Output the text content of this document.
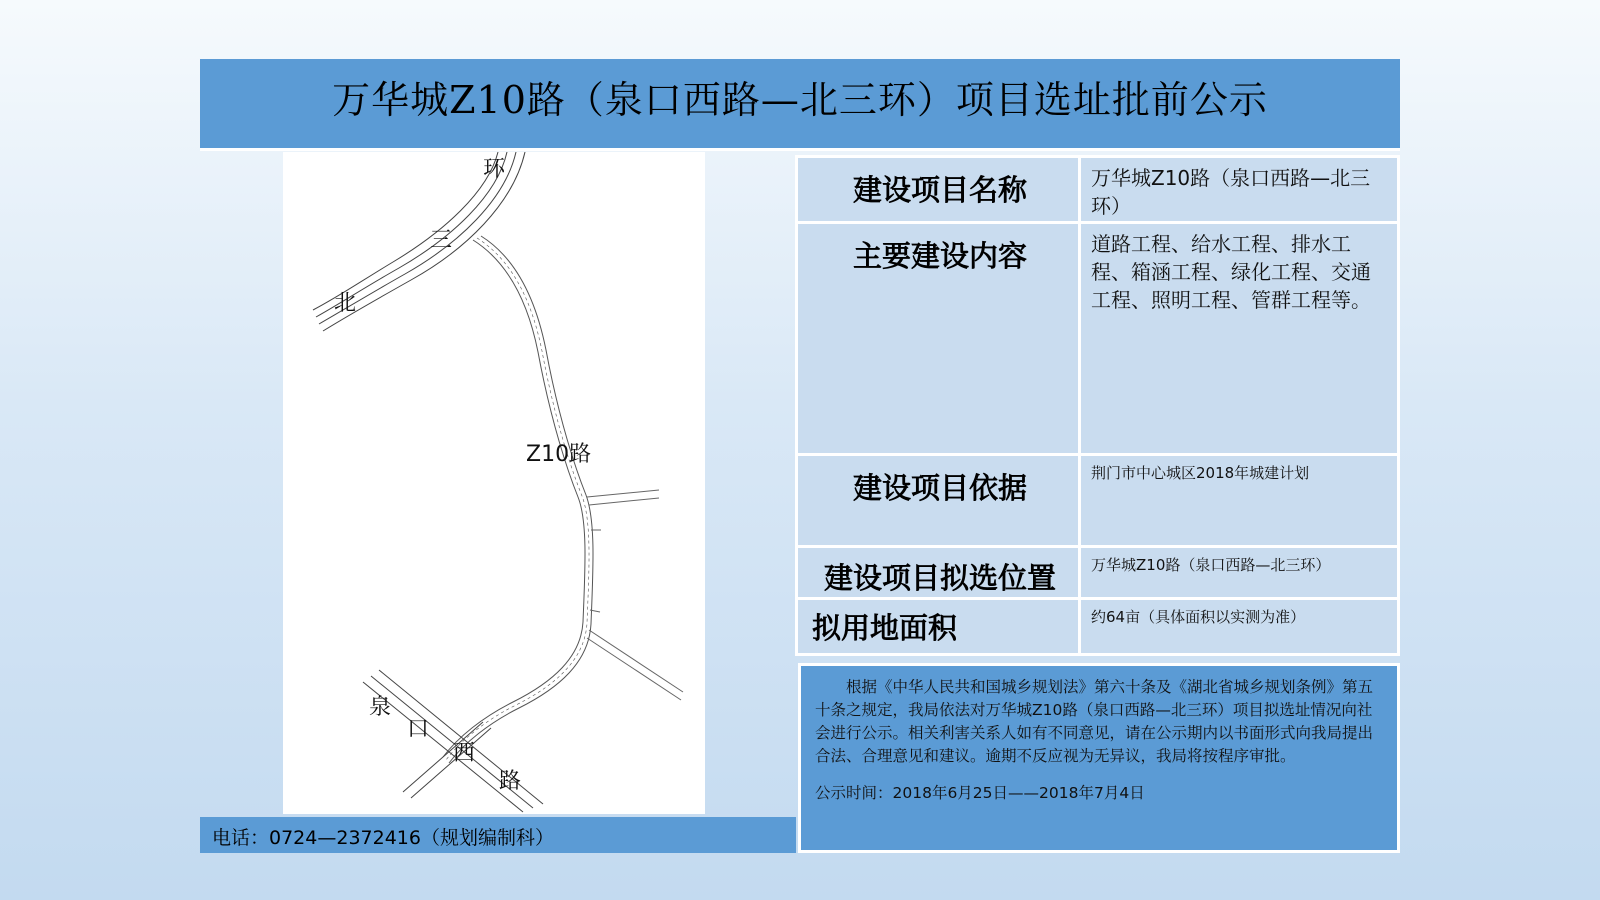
万华城Z10路（泉口西路—北三环）项目选址批前公示
环
三
北
Z10路
泉
口
西
路
电话：0724—2372416（规划编制科）
建设项目名称	万华城Z10路（泉口西路—北三环）
主要建设内容	道路工程、给水工程、排水工程、箱涵工程、绿化工程、交通工程、照明工程、管群工程等。
建设项目依据	荆门市中心城区2018年城建计划
建设项目拟选位置	万华城Z10路（泉口西路—北三环）
拟用地面积	约64亩（具体面积以实测为准）

根据《中华人民共和国城乡规划法》第六十条及《湖北省城乡规划条例》第五十条之规定，我局依法对万华城Z10路（泉口西路—北三环）项目拟选址情况向社会进行公示。相关利害关系人如有不同意见，请在公示期内以书面形式向我局提出合法、合理意见和建议。逾期不反应视为无异议，我局将按程序审批。

公示时间：2018年6月25日——2018年7月4日
